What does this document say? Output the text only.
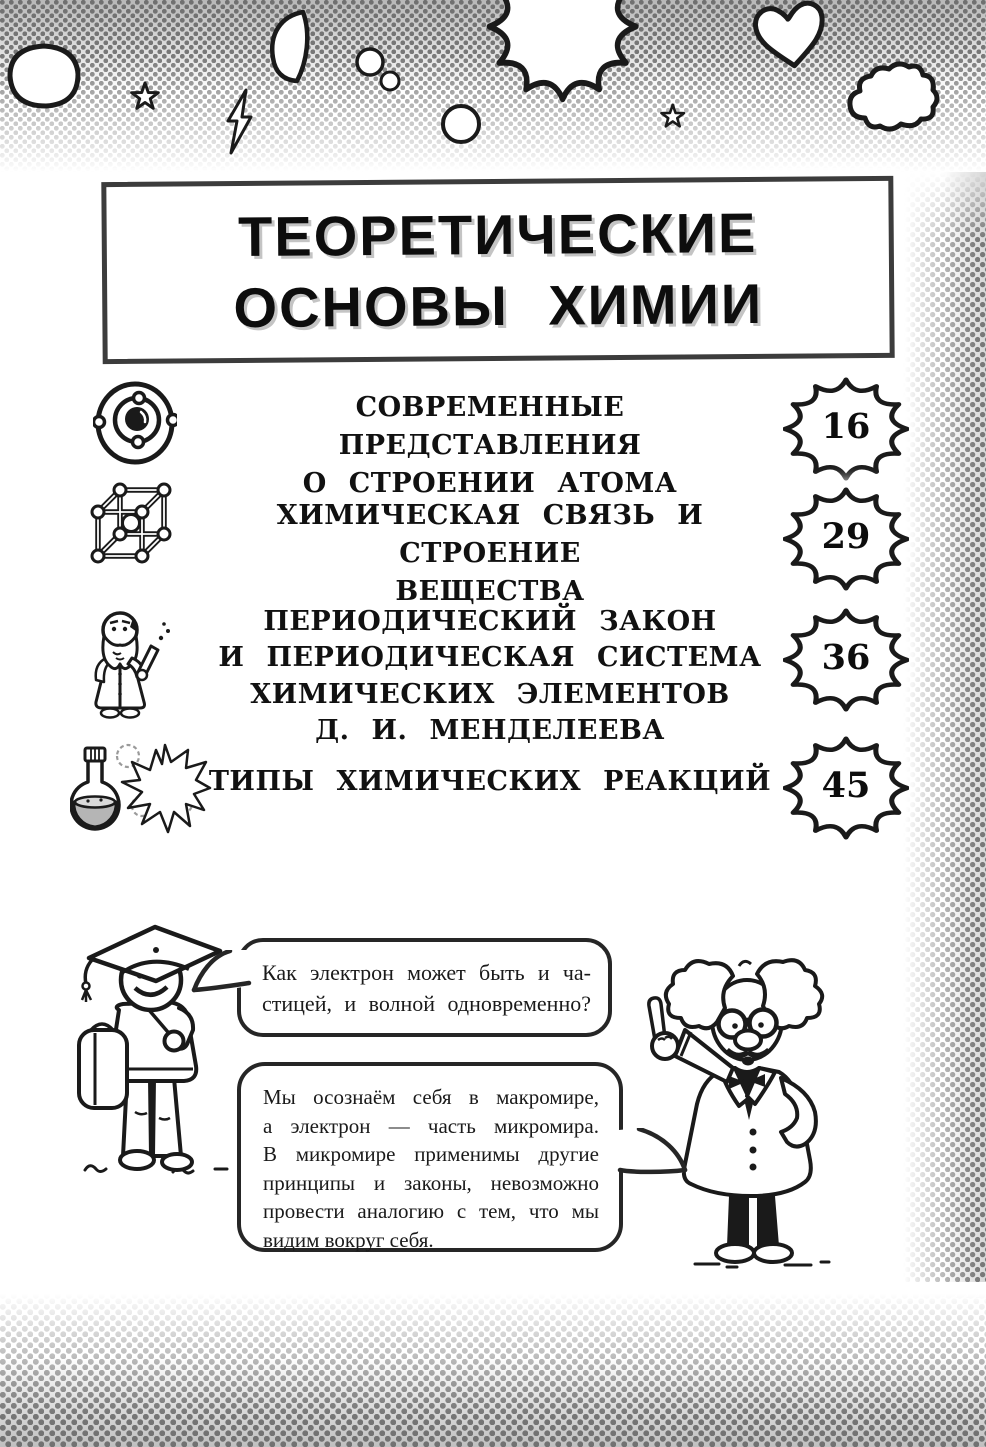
ТЕОРЕТИЧЕСКИЕ
ОСНОВЫ ХИМИИ
СОВРЕМЕННЫЕ ПРЕДСТАВЛЕНИЯ
О СТРОЕНИИ АТОМА
16
ХИМИЧЕСКАЯ СВЯЗЬ И СТРОЕНИЕ
ВЕЩЕСТВА
29
ПЕРИОДИЧЕСКИЙ ЗАКОН
И ПЕРИОДИЧЕСКАЯ СИСТЕМА
ХИМИЧЕСКИХ ЭЛЕМЕНТОВ
Д. И. МЕНДЕЛЕЕВА
36
ТИПЫ ХИМИЧЕСКИХ РЕАКЦИЙ	45
Как электрон может быть и ча-
стицей, и волной одновременно?
Мы осознаём себя в макромире,
а электрон — часть микромира.
В микромире применимы другие
принципы и законы, невозможно
провести аналогию с тем, что мы
видим вокруг себя.
